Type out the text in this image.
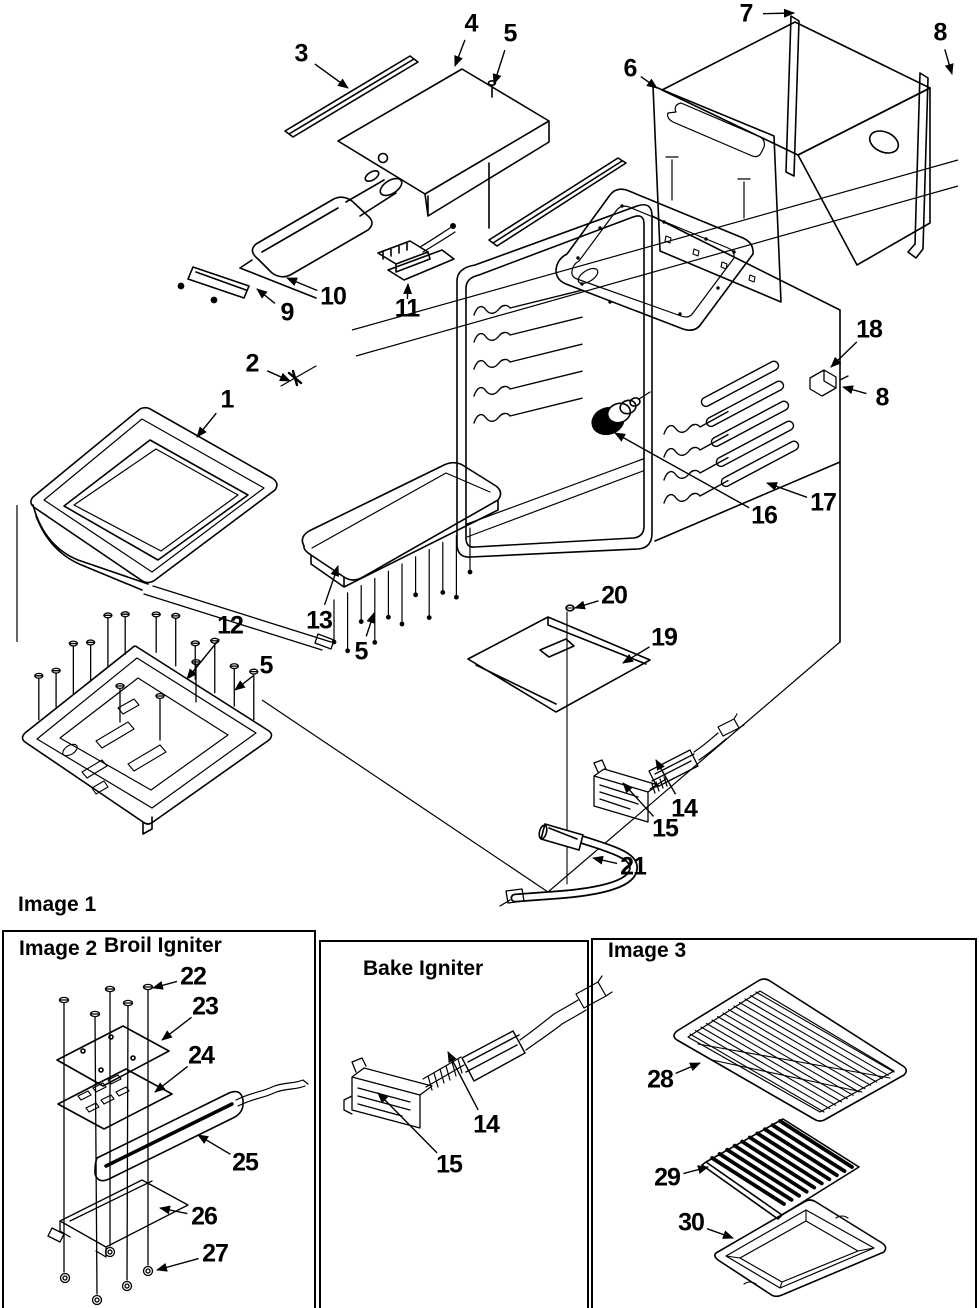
Image 1
Image 2 Broil Igniter
Bake Igniter
Image 3
3
4 5
6
7
8
9
10 11
2
1
18
8
16 17
13
12
5
5
20
19
14
15
21
22
23
24
25
26
27
14
15
28
29
30
